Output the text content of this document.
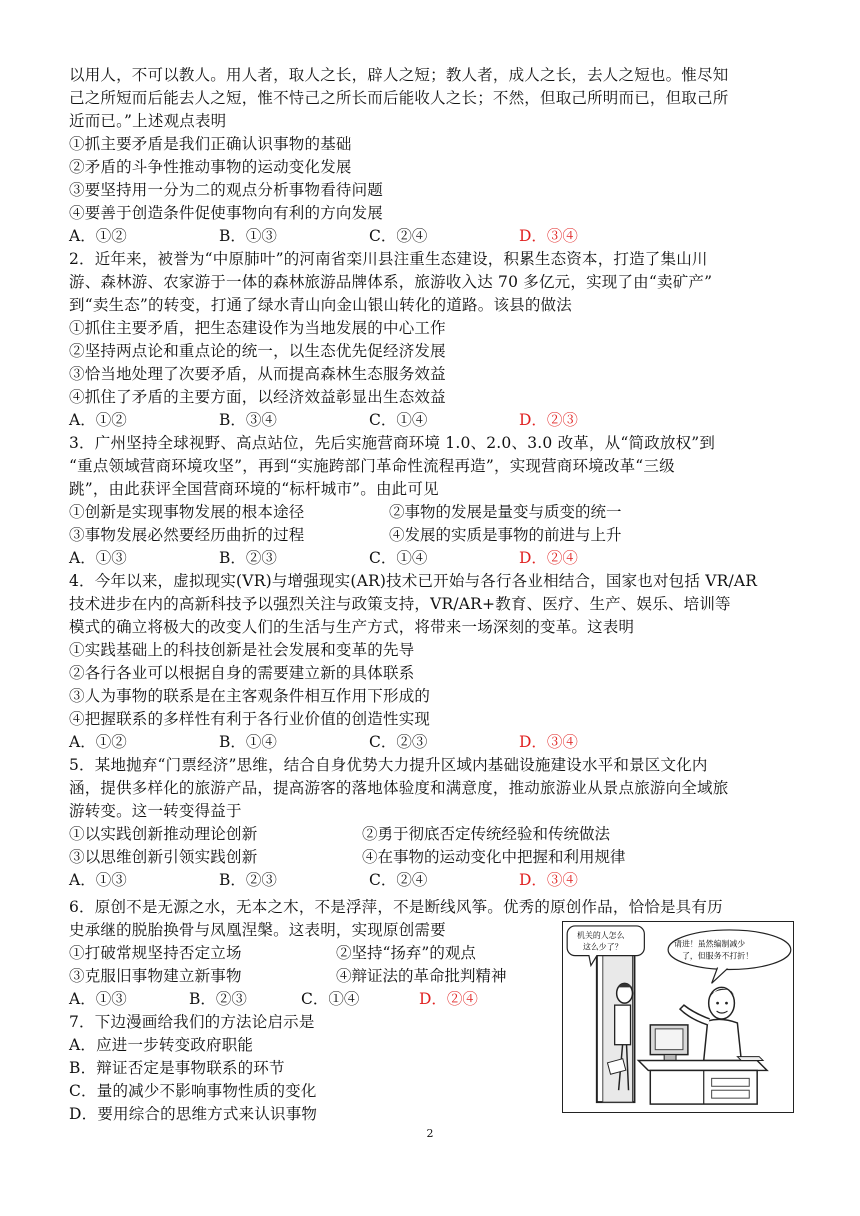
以用人，不可以教人。用人者，取人之长，辟人之短；教人者，成人之长，去人之短也。惟尽知
己之所短而后能去人之短，惟不恃己之所长而后能收人之长；不然，但取己所明而已，但取己所
近而已。”上述观点表明
①抓主要矛盾是我们正确认识事物的基础
②矛盾的斗争性推动事物的运动变化发展
③要坚持用一分为二的观点分析事物看待问题
④要善于创造条件促使事物向有利的方向发展
A．①②	B．①③	C．②④	D．③④
2．近年来，被誉为“中原肺叶”的河南省栾川县注重生态建设，积累生态资本，打造了集山川
游、森林游、农家游于一体的森林旅游品牌体系，旅游收入达 70 多亿元，实现了由“卖矿产”
到“卖生态”的转变，打通了绿水青山向金山银山转化的道路。该县的做法
①抓住主要矛盾，把生态建设作为当地发展的中心工作
②坚持两点论和重点论的统一，以生态优先促经济发展
③恰当地处理了次要矛盾，从而提高森林生态服务效益
④抓住了矛盾的主要方面，以经济效益彰显出生态效益
A．①②	B．③④	C．①④	D．②③
3．广州坚持全球视野、高点站位，先后实施营商环境 1.0、2.0、3.0 改革，从“简政放权”到
“重点领域营商环境攻坚”，再到“实施跨部门革命性流程再造”，实现营商环境改革“三级
跳”，由此获评全国营商环境的“标杆城市”。由此可见
①创新是实现事物发展的根本途径	②事物的发展是量变与质变的统一
③事物发展必然要经历曲折的过程	④发展的实质是事物的前进与上升
A．①③	B．②③	C．①④	D．②④
4．今年以来，虚拟现实(VR)与增强现实(AR)技术已开始与各行各业相结合，国家也对包括 VR/AR
技术进步在内的高新科技予以强烈关注与政策支持，VR/AR+教育、医疗、生产、娱乐、培训等
模式的确立将极大的改变人们的生活与生产方式，将带来一场深刻的变革。这表明
①实践基础上的科技创新是社会发展和变革的先导
②各行各业可以根据自身的需要建立新的具体联系
③人为事物的联系是在主客观条件相互作用下形成的
④把握联系的多样性有利于各行业价值的创造性实现
A．①②	B．①④	C．②③	D．③④
5．某地抛弃“门票经济”思维，结合自身优势大力提升区域内基础设施建设水平和景区文化内
涵，提供多样化的旅游产品，提高游客的落地体验度和满意度，推动旅游业从景点旅游向全域旅
游转变。这一转变得益于
①以实践创新推动理论创新	②勇于彻底否定传统经验和传统做法
③以思维创新引领实践创新	④在事物的运动变化中把握和利用规律
A．①③	B．②③	C．②④	D．③④
6．原创不是无源之水，无本之木，不是浮萍，不是断线风筝。优秀的原创作品，恰恰是具有历
史承继的脱胎换骨与凤凰涅槃。这表明，实现原创需要
①打破常规坚持否定立场	②坚持“扬弃”的观点
③克服旧事物建立新事物	④辩证法的革命批判精神
A．①③	B．②③	C．①④	D．②④
7．下边漫画给我们的方法论启示是
A．应进一步转变政府职能
B．辩证否定是事物联系的环节
C．量的减少不影响事物性质的变化
D．要用综合的思维方式来认识事物
机关的人怎么
这么少了？	请进！虽然编制减少
了，但服务不打折！
2
